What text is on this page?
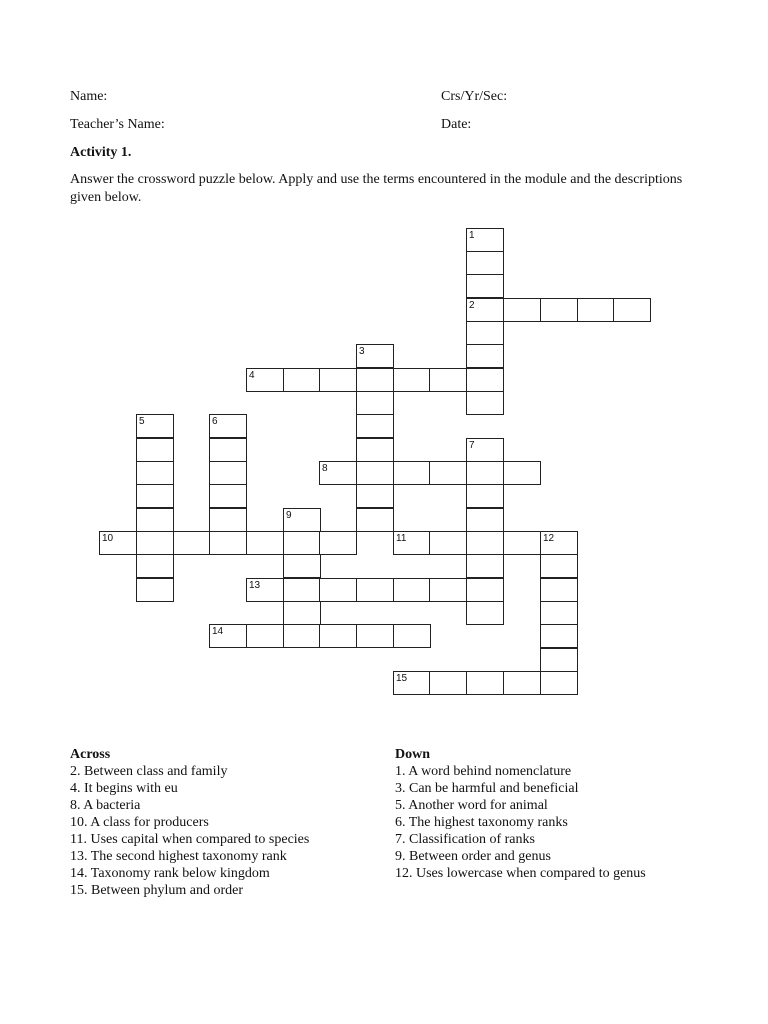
Name:	Crs/Yr/Sec:
Teacher’s Name:	Date:
Activity 1.
Answer the crossword puzzle below. Apply and use the terms encountered in the module and the descriptions given below.
1
2
3
4
5	6
7
8
9
10	11	12
13
14
15
Across
2. Between class and family
4. It begins with eu
8. A bacteria
10. A class for producers
11. Uses capital when compared to species
13. The second highest taxonomy rank
14. Taxonomy rank below kingdom
15. Between phylum and order
Down
1. A word behind nomenclature
3. Can be harmful and beneficial
5. Another word for animal
6. The highest taxonomy ranks
7. Classification of ranks
9. Between order and genus
12. Uses lowercase when compared to genus
